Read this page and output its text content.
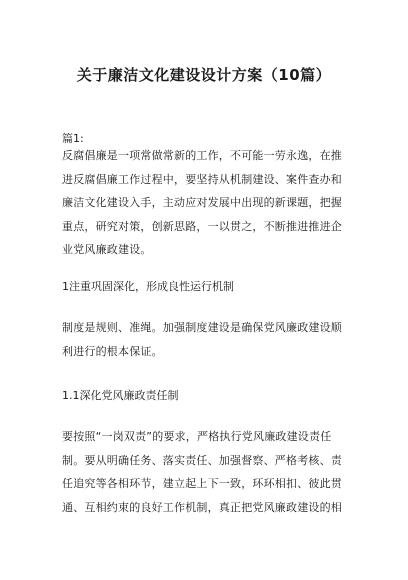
关于廉洁文化建设设计方案（10篇）

篇1:

反腐倡廉是一项常做常新的工作，不可能一劳永逸，在推
进反腐倡廉工作过程中，要坚持从机制建设、案件查办和
廉洁文化建设入手，主动应对发展中出现的新课题，把握
重点，研究对策，创新思路，一以贯之，不断推进推进企
业党风廉政建设。

1注重巩固深化，形成良性运行机制

制度是规则、准绳。加强制度建设是确保党风廉政建设顺
利进行的根本保证。

1.1深化党风廉政责任制

要按照“一岗双责”的要求，严格执行党风廉政建设责任
制。要从明确任务、落实责任、加强督察、严格考核、责
任追究等各相环节，建立起上下一致，环环相扣、彼此贯
通、互相约束的良好工作机制，真正把党风廉政建设的相
